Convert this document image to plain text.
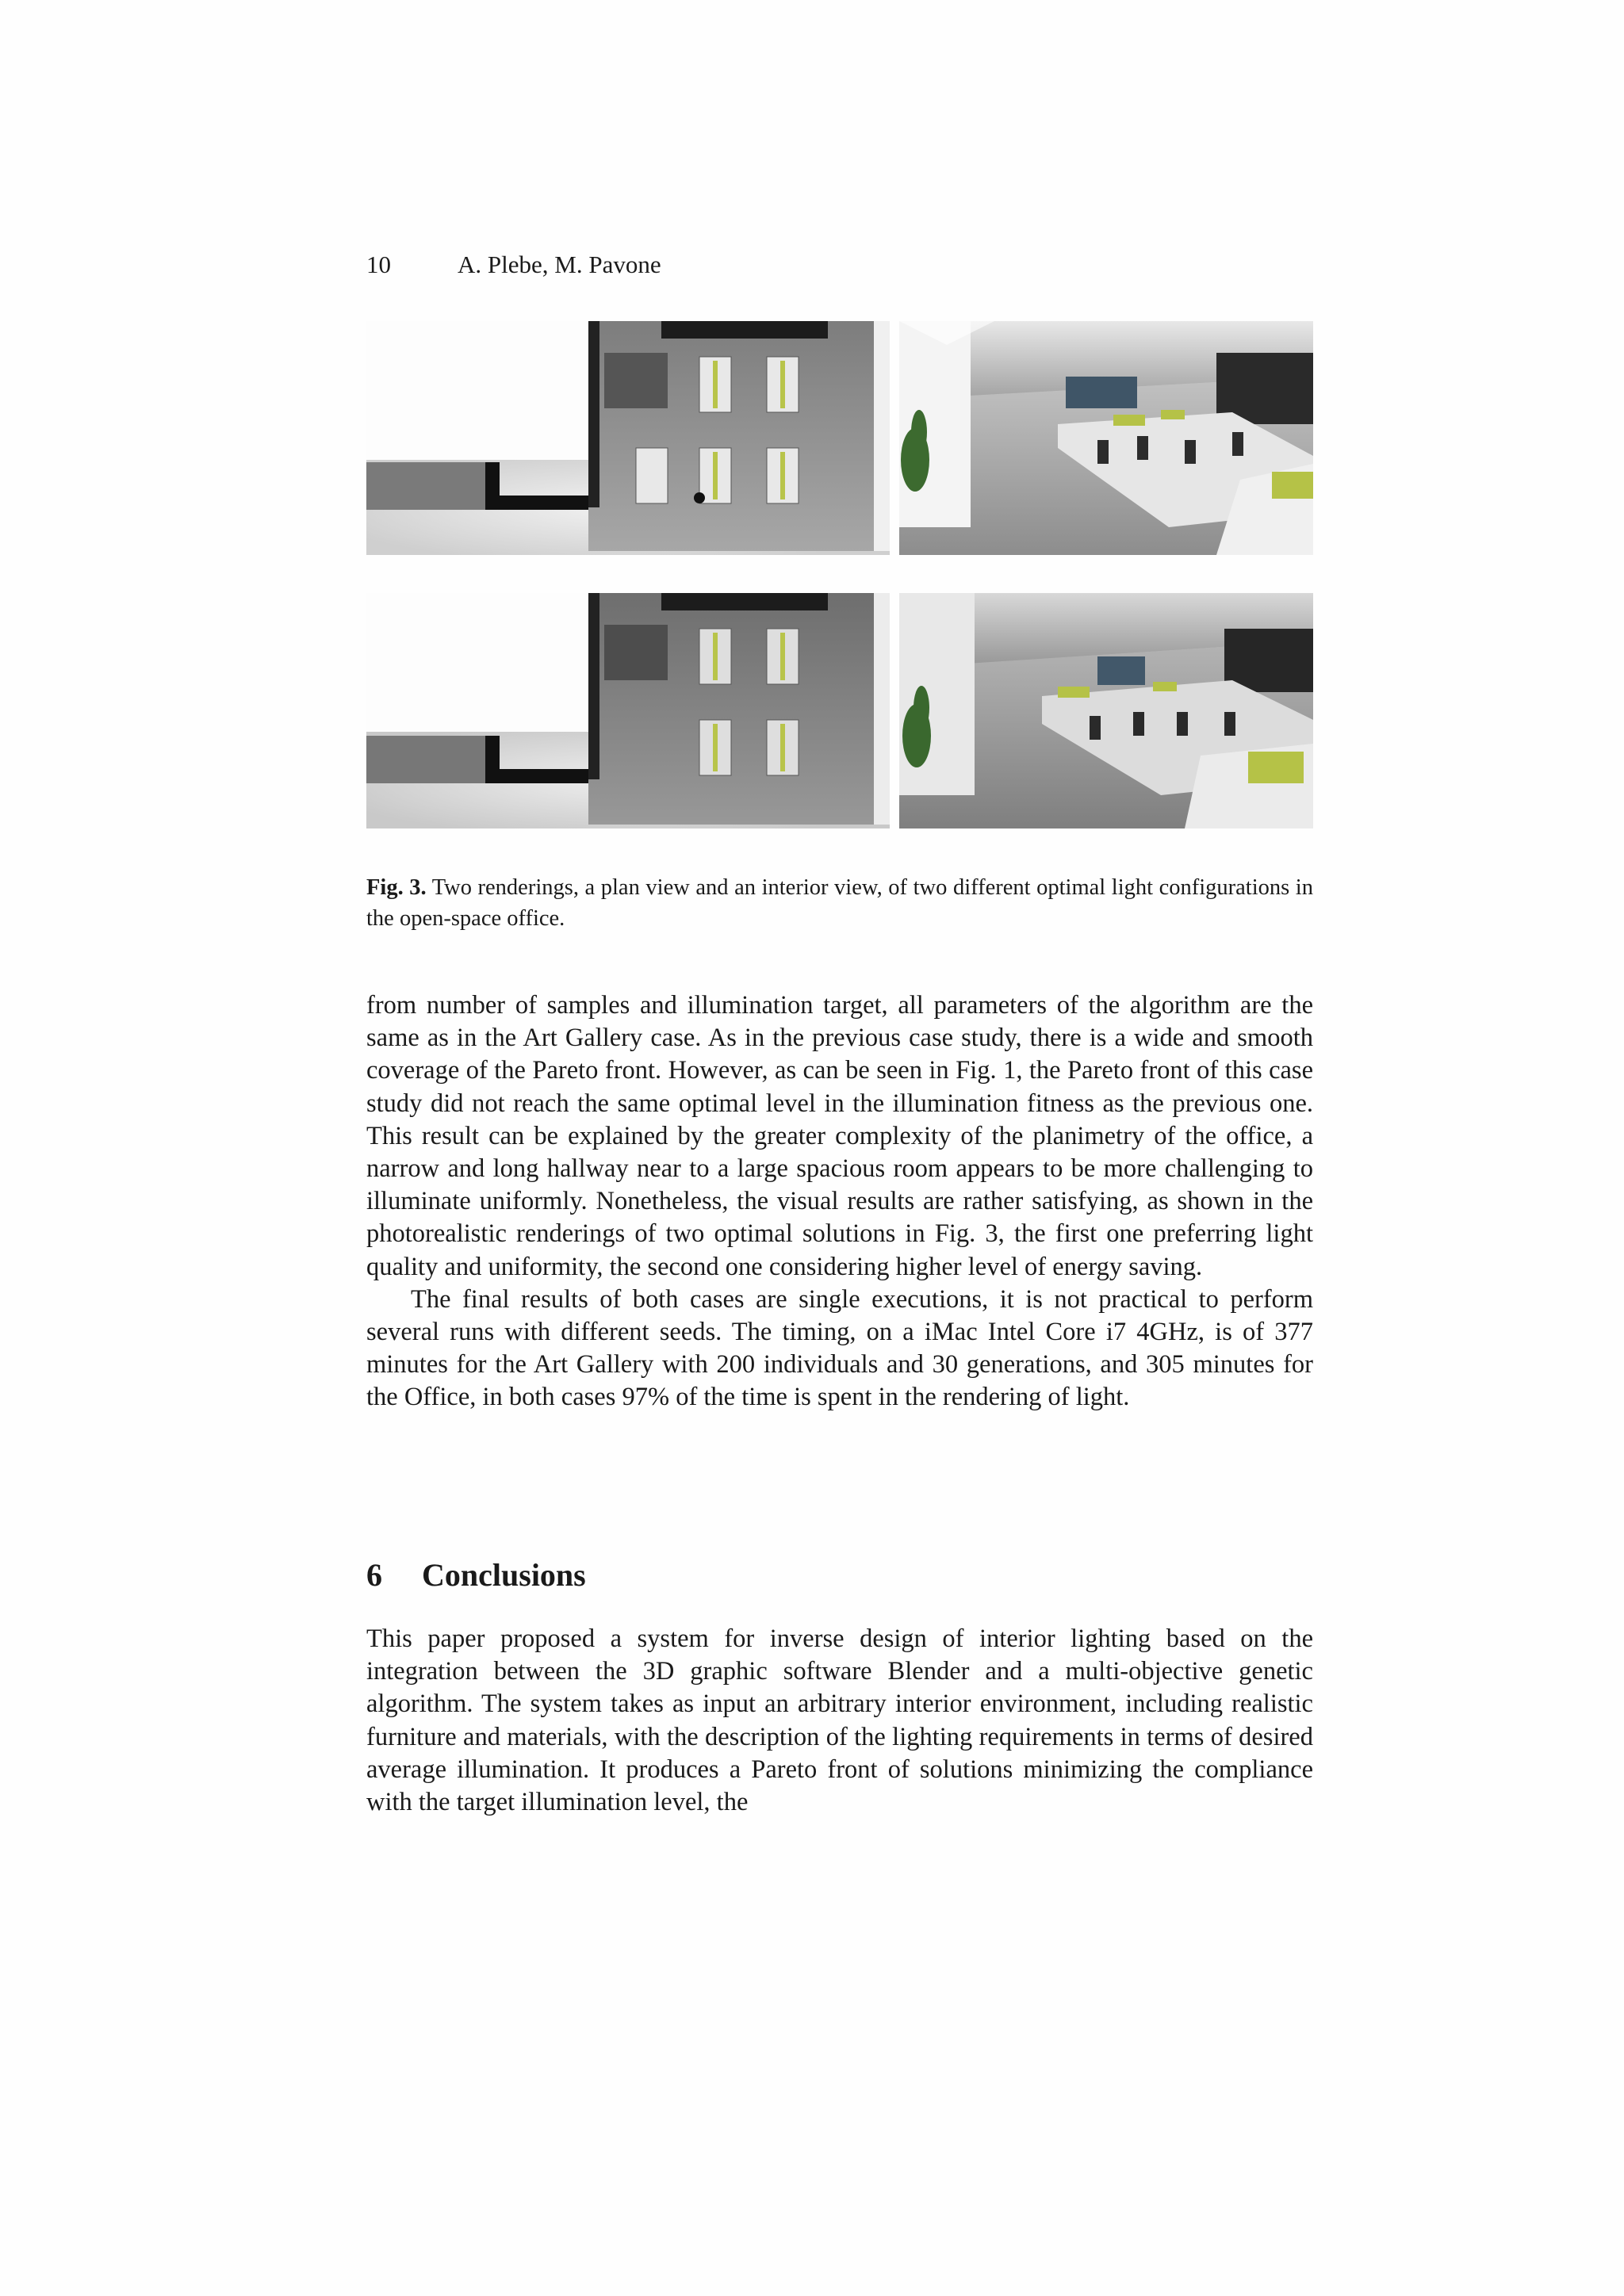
10	A. Plebe, M. Pavone
Fig. 3. Two renderings, a plan view and an interior view, of two different optimal light configurations in the open-space office.

from number of samples and illumination target, all parameters of the algorithm are the same as in the Art Gallery case. As in the previous case study, there is a wide and smooth coverage of the Pareto front. However, as can be seen in Fig. 1, the Pareto front of this case study did not reach the same optimal level in the illumination fitness as the previous one. This result can be explained by the greater complexity of the planimetry of the office, a narrow and long hallway near to a large spacious room appears to be more challenging to illuminate uniformly. Nonetheless, the visual results are rather satisfying, as shown in the photorealistic renderings of two optimal solutions in Fig. 3, the first one preferring light quality and uniformity, the second one considering higher level of energy saving.

The final results of both cases are single executions, it is not practical to perform several runs with different seeds. The timing, on a iMac Intel Core i7 4GHz, is of 377 minutes for the Art Gallery with 200 individuals and 30 generations, and 305 minutes for the Office, in both cases 97% of the time is spent in the rendering of light.

6 Conclusions

This paper proposed a system for inverse design of interior lighting based on the integration between the 3D graphic software Blender and a multi-objective genetic algorithm. The system takes as input an arbitrary interior environment, including realistic furniture and materials, with the description of the lighting requirements in terms of desired average illumination. It produces a Pareto front of solutions minimizing the compliance with the target illumination level, the
